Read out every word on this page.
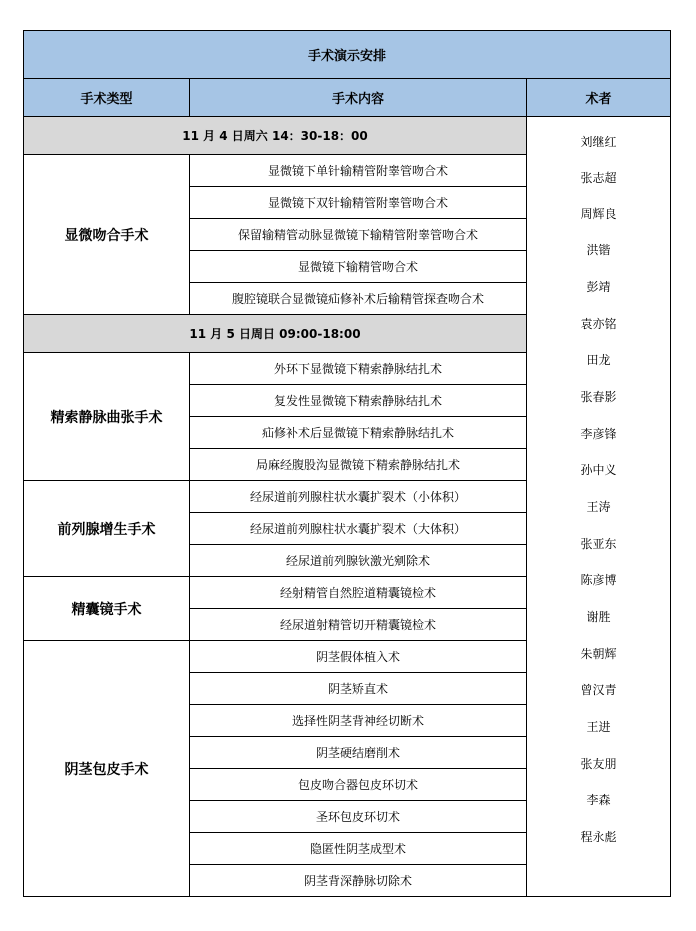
手术演示安排
手术类型	手术内容	术者
11 月 4 日周六 14：30-18：00
显微吻合手术
显微镜下单针输精管附睾管吻合术
显微镜下双针输精管附睾管吻合术
保留输精管动脉显微镜下输精管附睾管吻合术
显微镜下输精管吻合术
腹腔镜联合显微镜疝修补术后输精管探查吻合术
11 月 5 日周日 09:00-18:00
精索静脉曲张手术
外环下显微镜下精索静脉结扎术
复发性显微镜下精索静脉结扎术
疝修补术后显微镜下精索静脉结扎术
局麻经腹股沟显微镜下精索静脉结扎术
前列腺增生手术
经尿道前列腺柱状水囊扩裂术（小体积）
经尿道前列腺柱状水囊扩裂术（大体积）
经尿道前列腺钬激光剜除术
精囊镜手术
经射精管自然腔道精囊镜检术
经尿道射精管切开精囊镜检术
阴茎包皮手术
阴茎假体植入术
阴茎矫直术
选择性阴茎背神经切断术
阴茎硬结磨削术
包皮吻合器包皮环切术
圣环包皮环切术
隐匿性阴茎成型术
阴茎背深静脉切除术
刘继红
张志超
周辉良
洪锴
彭靖
袁亦铭
田龙
张春影
李彦锋
孙中义
王涛
张亚东
陈彦博
谢胜
朱朝辉
曾汉青
王进
张友朋
李森
程永彪
